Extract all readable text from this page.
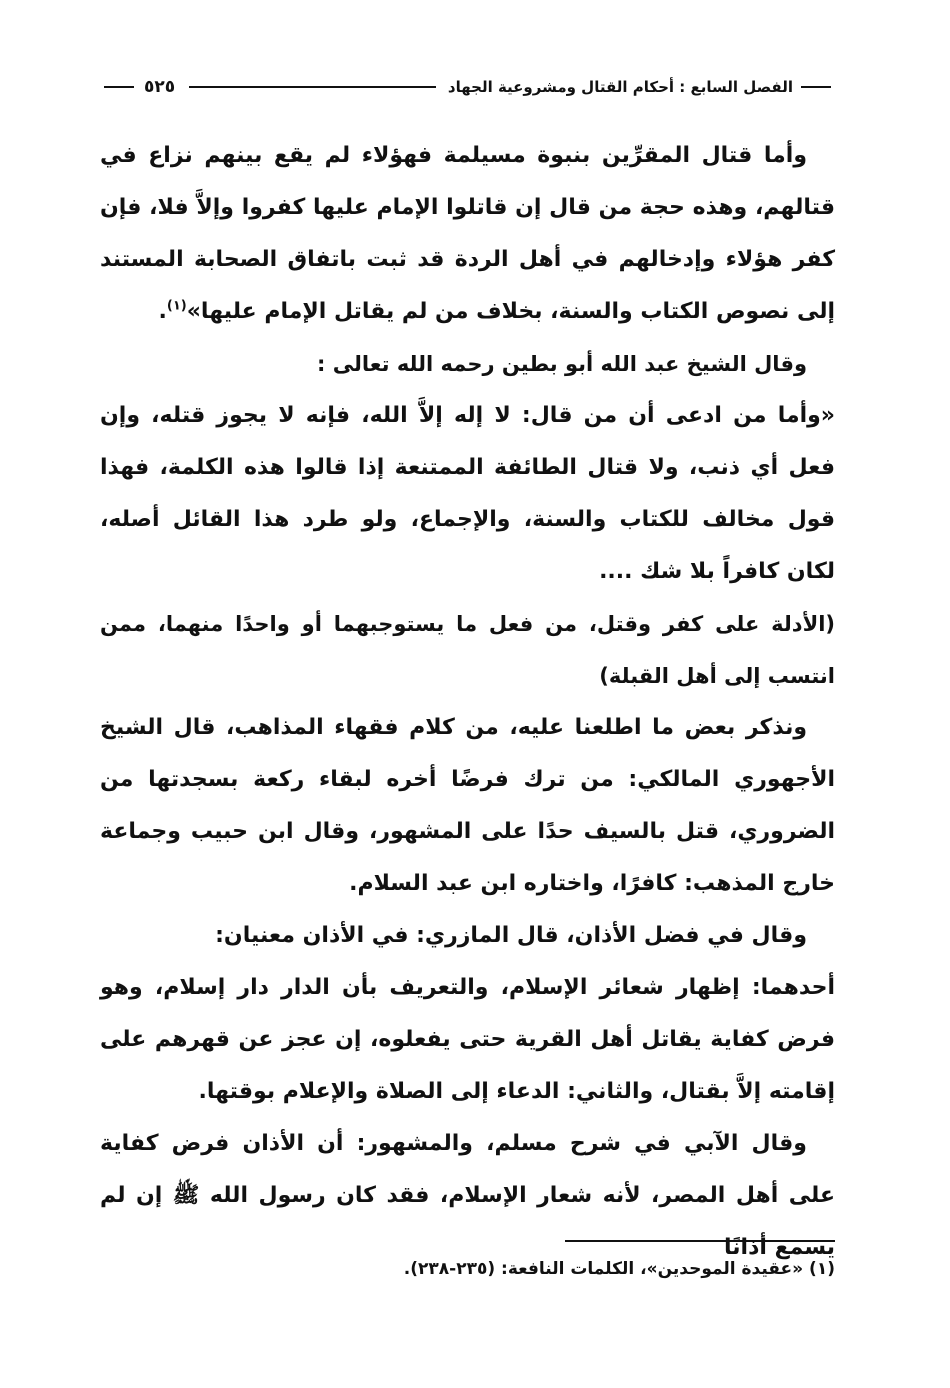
الفصل السابع : أحكام القتال ومشروعية الجهاد
٥٢٥

وأما قتال المقرِّين بنبوة مسيلمة فهؤلاء لم يقع بينهم نزاع في قتالهم، وهذه حجة من قال إن قاتلوا الإمام عليها كفروا وإلاَّ فلا، فإن كفر هؤلاء وإدخالهم في أهل الردة قد ثبت باتفاق الصحابة المستند إلى نصوص الكتاب والسنة، بخلاف من لم يقاتل الإمام عليها»$^{(١)}$.

وقال الشيخ عبد الله أبو بطين رحمه الله تعالى :

«وأما من ادعى أن من قال: لا إله إلاَّ الله، فإنه لا يجوز قتله، وإن فعل أي ذنب، ولا قتال الطائفة الممتنعة إذا قالوا هذه الكلمة، فهذا قول مخالف للكتاب والسنة، والإجماع، ولو طرد هذا القائل أصله، لكان كافراً بلا شك ....

(الأدلة على كفر وقتل، من فعل ما يستوجبهما أو واحدًا منهما، ممن انتسب إلى أهل القبلة)

ونذكر بعض ما اطلعنا عليه، من كلام فقهاء المذاهب، قال الشيخ الأجهوري المالكي: من ترك فرضًا أخره لبقاء ركعة بسجدتها من الضروري، قتل بالسيف حدًا على المشهور، وقال ابن حبيب وجماعة خارج المذهب: كافرًا، واختاره ابن عبد السلام.

وقال في فضل الأذان، قال المازري: في الأذان معنيان:

أحدهما: إظهار شعائر الإسلام، والتعريف بأن الدار دار إسلام، وهو فرض كفاية يقاتل أهل القرية حتى يفعلوه، إن عجز عن قهرهم على إقامته إلاَّ بقتال، والثاني: الدعاء إلى الصلاة والإعلام بوقتها.

وقال الآبي في شرح مسلم، والمشهور: أن الأذان فرض كفاية على أهل المصر، لأنه شعار الإسلام، فقد كان رسول الله ﷺ إن لم يسمع أذانًا

(١) «عقيدة الموحدين»، الكلمات النافعة: (٢٣٥-٢٣٨).
